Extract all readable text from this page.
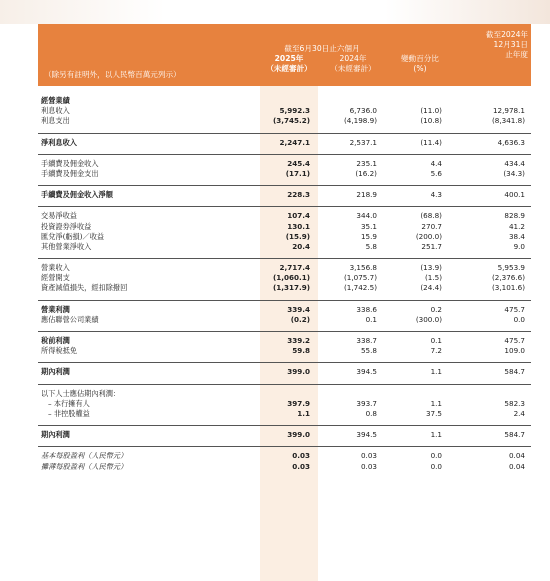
（除另有註明外，以人民幣百萬元列示）
截至6月30日止六個月
2025年
（未經審計）
2024年
（未經審計）
變動百分比
(%)
截至2024年
12月31日
止年度
經營業績
利息收入	5,992.3	6,736.0	(11.0)	12,978.1
利息支出	(3,745.2)	(4,198.9)	(10.8)	(8,341.8)
淨利息收入	2,247.1	2,537.1	(11.4)	4,636.3
手續費及佣金收入	245.4	235.1	4.4	434.4
手續費及佣金支出	(17.1)	(16.2)	5.6	(34.3)
手續費及佣金收入淨額	228.3	218.9	4.3	400.1
交易淨收益	107.4	344.0	(68.8)	828.9
投資證券淨收益	130.1	35.1	270.7	41.2
匯兌淨(虧損)／收益	(15.9)	15.9	(200.0)	38.4
其他營業淨收入	20.4	5.8	251.7	9.0
營業收入	2,717.4	3,156.8	(13.9)	5,953.9
經營開支	(1,060.1)	(1,075.7)	(1.5)	(2,376.6)
資產減值損失，經扣除撥回	(1,317.9)	(1,742.5)	(24.4)	(3,101.6)
營業利潤	339.4	338.6	0.2	475.7
應佔聯營公司業績	(0.2)	0.1	(300.0)	0.0
稅前利潤	339.2	338.7	0.1	475.7
所得稅抵免	59.8	55.8	7.2	109.0
期內利潤	399.0	394.5	1.1	584.7
以下人士應佔期內利潤：
– 本行擁有人	397.9	393.7	1.1	582.3
– 非控股權益	1.1	0.8	37.5	2.4
期內利潤	399.0	394.5	1.1	584.7
基本每股盈利（人民幣元）	0.03	0.03	0.0	0.04
攤薄每股盈利（人民幣元）	0.03	0.03	0.0	0.04
